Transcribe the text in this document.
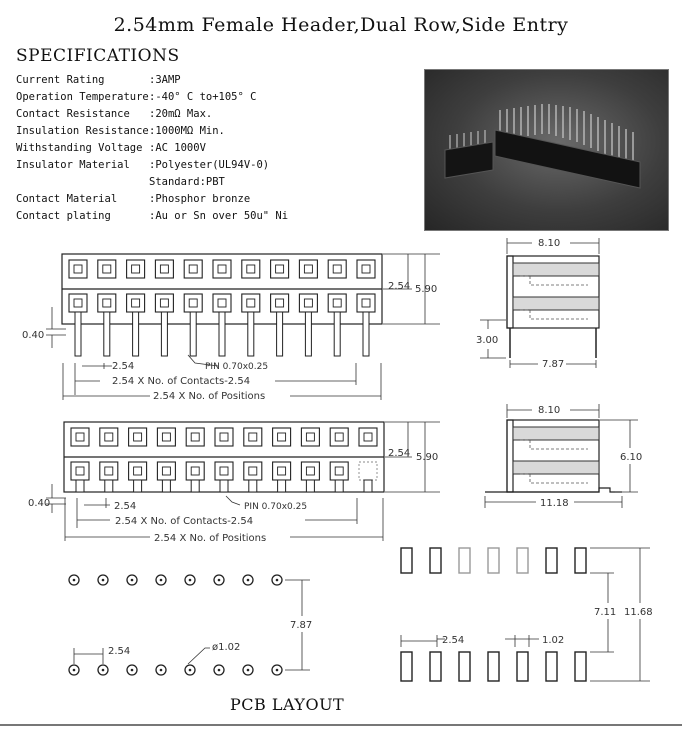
2.54mm Female Header,Dual Row,Side Entry
SPECIFICATIONS
Current Rating	:3AMP
Operation Temperature:-40° C to+105° C
Contact Resistance :20mΩ Max.
Insulation Resistance:1000MΩ Min.
Withstanding Voltage :AC 1000V
Insulator Material :Polyester(UL94V-0)
Standard:PBT
Contact Material	:Phosphor bronze
Contact plating	:Au or Sn over 50u" Ni
2.54 5.90
0.40
2.54	PIN 0.70x0.25
2.54 X No. of Contacts-2.54
2.54 X No. of Positions
2.54 5.90
0.40	2.54	PIN 0.70x0.25
2.54 X No. of Contacts-2.54
2.54 X No. of Positions
8.10
3.00
7.87
8.10
6.10
11.18
7.87
2.54	ø1.02
2.54	1.02
7.11 11.68
PCB LAYOUT
